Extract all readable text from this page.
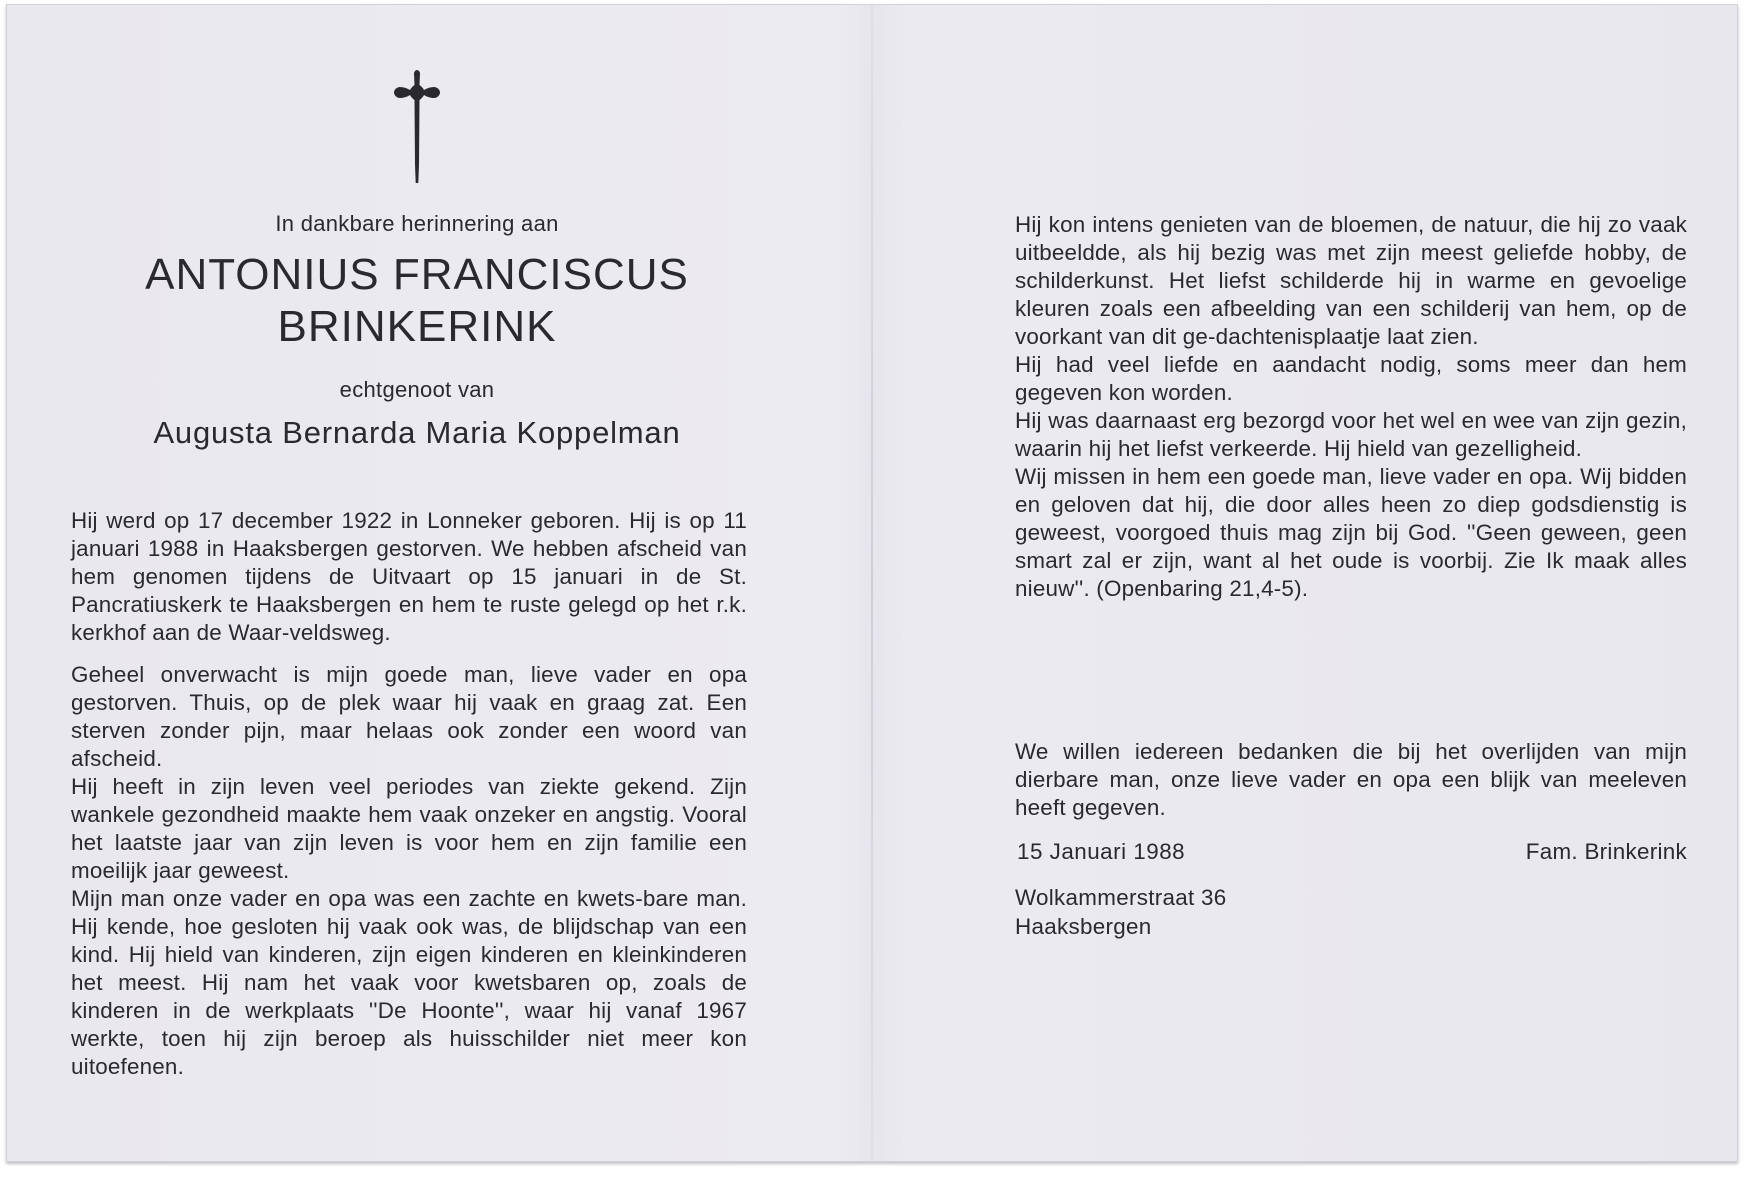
In dankbare herinnering aan
ANTONIUS FRANCISCUS
BRINKERINK
echtgenoot van
Augusta Bernarda Maria Koppelman

Hij werd op 17 december 1922 in Lonneker geboren. Hij is op 11 januari 1988 in Haaksbergen gestorven. We hebben afscheid van hem genomen tijdens de Uitvaart op 15 januari in de St. Pancratiuskerk te Haaksbergen en hem te ruste gelegd op het r.k. kerkhof aan de Waar-veldsweg.

Geheel onverwacht is mijn goede man, lieve vader en opa gestorven. Thuis, op de plek waar hij vaak en graag zat. Een sterven zonder pijn, maar helaas ook zonder een woord van afscheid.

Hij heeft in zijn leven veel periodes van ziekte gekend. Zijn wankele gezondheid maakte hem vaak onzeker en angstig. Vooral het laatste jaar van zijn leven is voor hem en zijn familie een moeilijk jaar geweest.

Mijn man onze vader en opa was een zachte en kwets-bare man. Hij kende, hoe gesloten hij vaak ook was, de blijdschap van een kind. Hij hield van kinderen, zijn eigen kinderen en kleinkinderen het meest. Hij nam het vaak voor kwetsbaren op, zoals de kinderen in de werkplaats ''De Hoonte'', waar hij vanaf 1967 werkte, toen hij zijn beroep als huisschilder niet meer kon uitoefenen.

Hij kon intens genieten van de bloemen, de natuur, die hij zo vaak uitbeeldde, als hij bezig was met zijn meest geliefde hobby, de schilderkunst. Het liefst schilderde hij in warme en gevoelige kleuren zoals een afbeelding van een schilderij van hem, op de voorkant van dit ge-dachtenisplaatje laat zien.

Hij had veel liefde en aandacht nodig, soms meer dan hem gegeven kon worden.

Hij was daarnaast erg bezorgd voor het wel en wee van zijn gezin, waarin hij het liefst verkeerde. Hij hield van gezelligheid.

Wij missen in hem een goede man, lieve vader en opa. Wij bidden en geloven dat hij, die door alles heen zo diep godsdienstig is geweest, voorgoed thuis mag zijn bij God. ''Geen geween, geen smart zal er zijn, want al het oude is voorbij. Zie Ik maak alles nieuw''. (Openbaring 21,4-5).

We willen iedereen bedanken die bij het overlijden van mijn dierbare man, onze lieve vader en opa een blijk van meeleven heeft gegeven.

15 Januari 1988	Fam. Brinkerink
Wolkammerstraat 36
Haaksbergen
